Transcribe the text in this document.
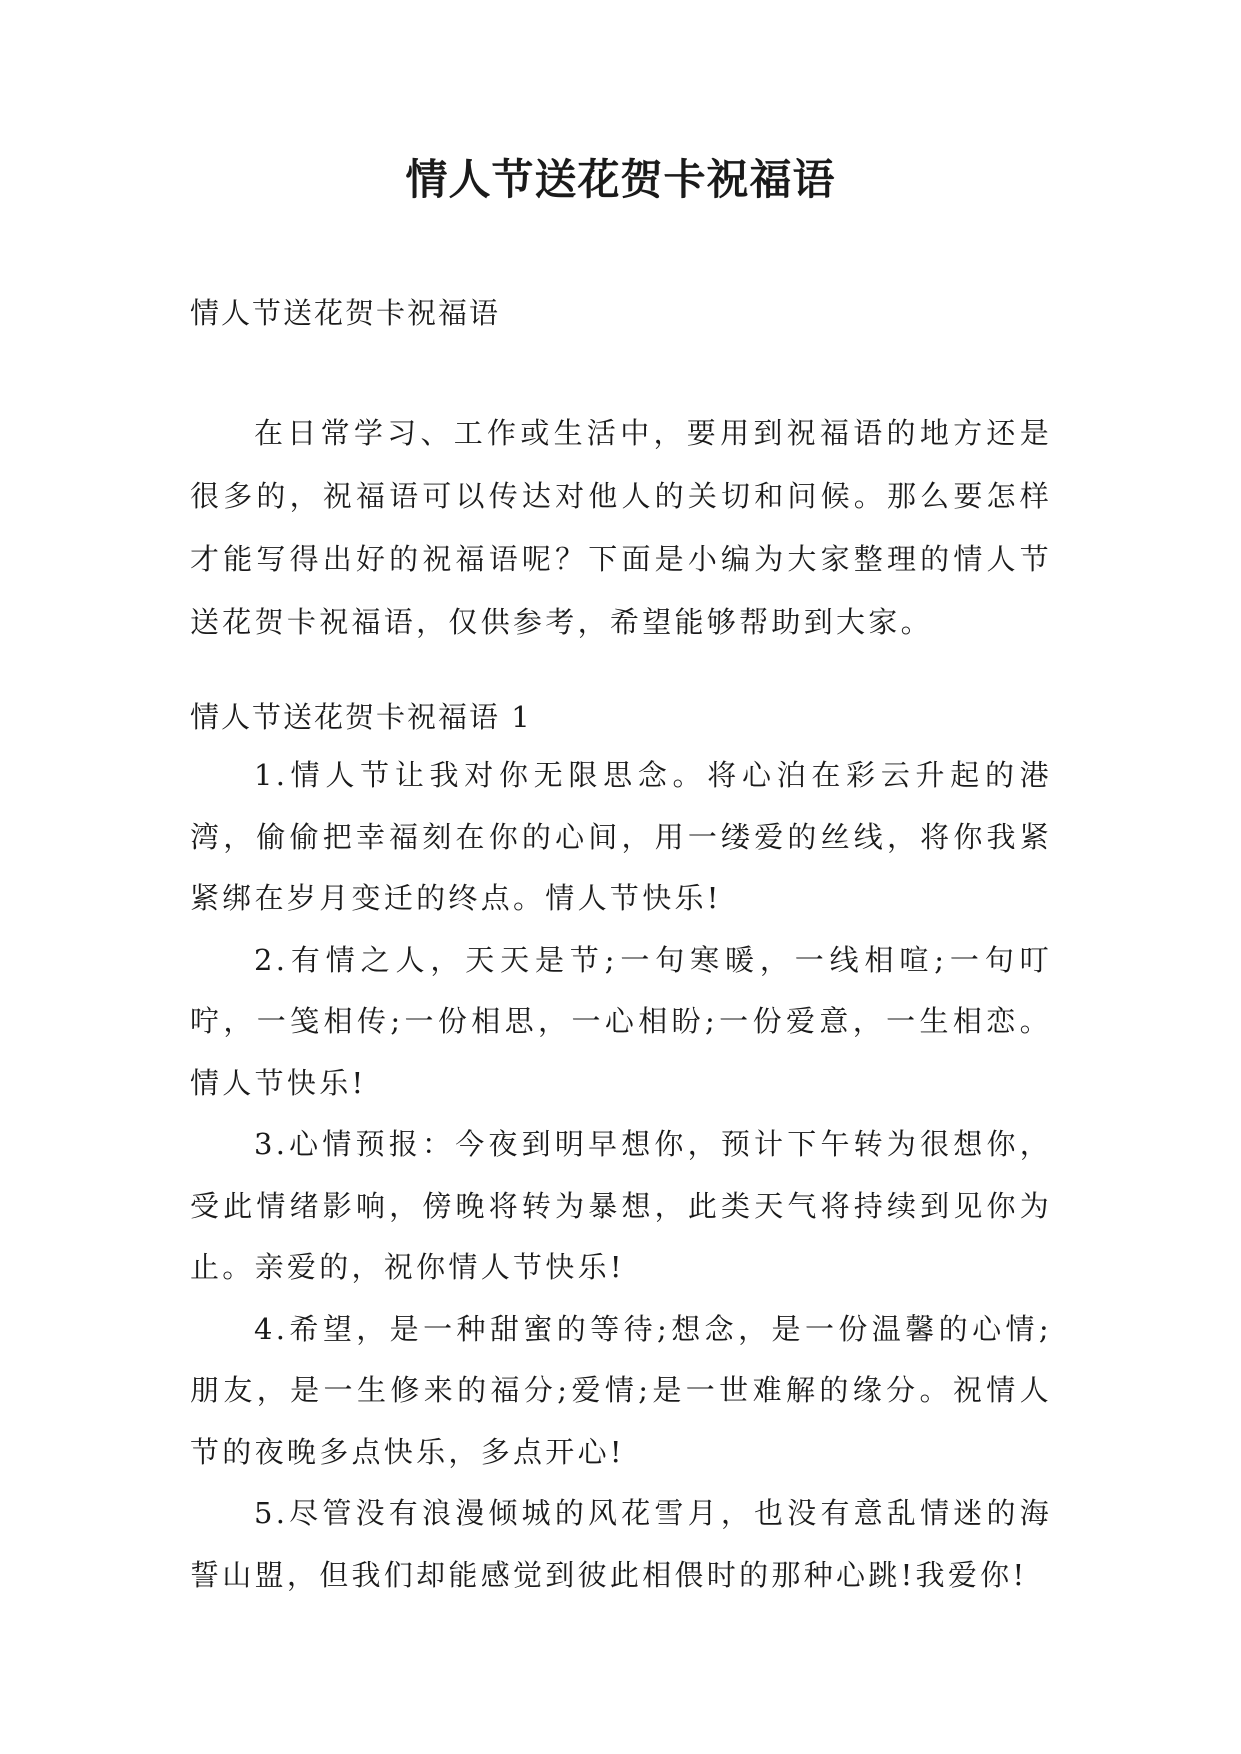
情人节送花贺卡祝福语
情人节送花贺卡祝福语

在日常学习、工作或生活中，要用到祝福语的地方还是很多的，祝福语可以传达对他人的关切和问候。那么要怎样才能写得出好的祝福语呢？下面是小编为大家整理的情人节送花贺卡祝福语，仅供参考，希望能够帮助到大家。

情人节送花贺卡祝福语 1

1.情人节让我对你无限思念。将心泊在彩云升起的港湾，偷偷把幸福刻在你的心间，用一缕爱的丝线，将你我紧紧绑在岁月变迁的终点。情人节快乐!

2.有情之人，天天是节;一句寒暖，一线相喧;一句叮咛，一笺相传;一份相思，一心相盼;一份爱意，一生相恋。情人节快乐!

3.心情预报：今夜到明早想你，预计下午转为很想你，受此情绪影响，傍晚将转为暴想，此类天气将持续到见你为止。亲爱的，祝你情人节快乐!

4.希望，是一种甜蜜的等待;想念，是一份温馨的心情;朋友，是一生修来的福分;爱情;是一世难解的缘分。祝情人节的夜晚多点快乐，多点开心!

5.尽管没有浪漫倾城的风花雪月，也没有意乱情迷的海誓山盟，但我们却能感觉到彼此相偎时的那种心跳!我爱你!
